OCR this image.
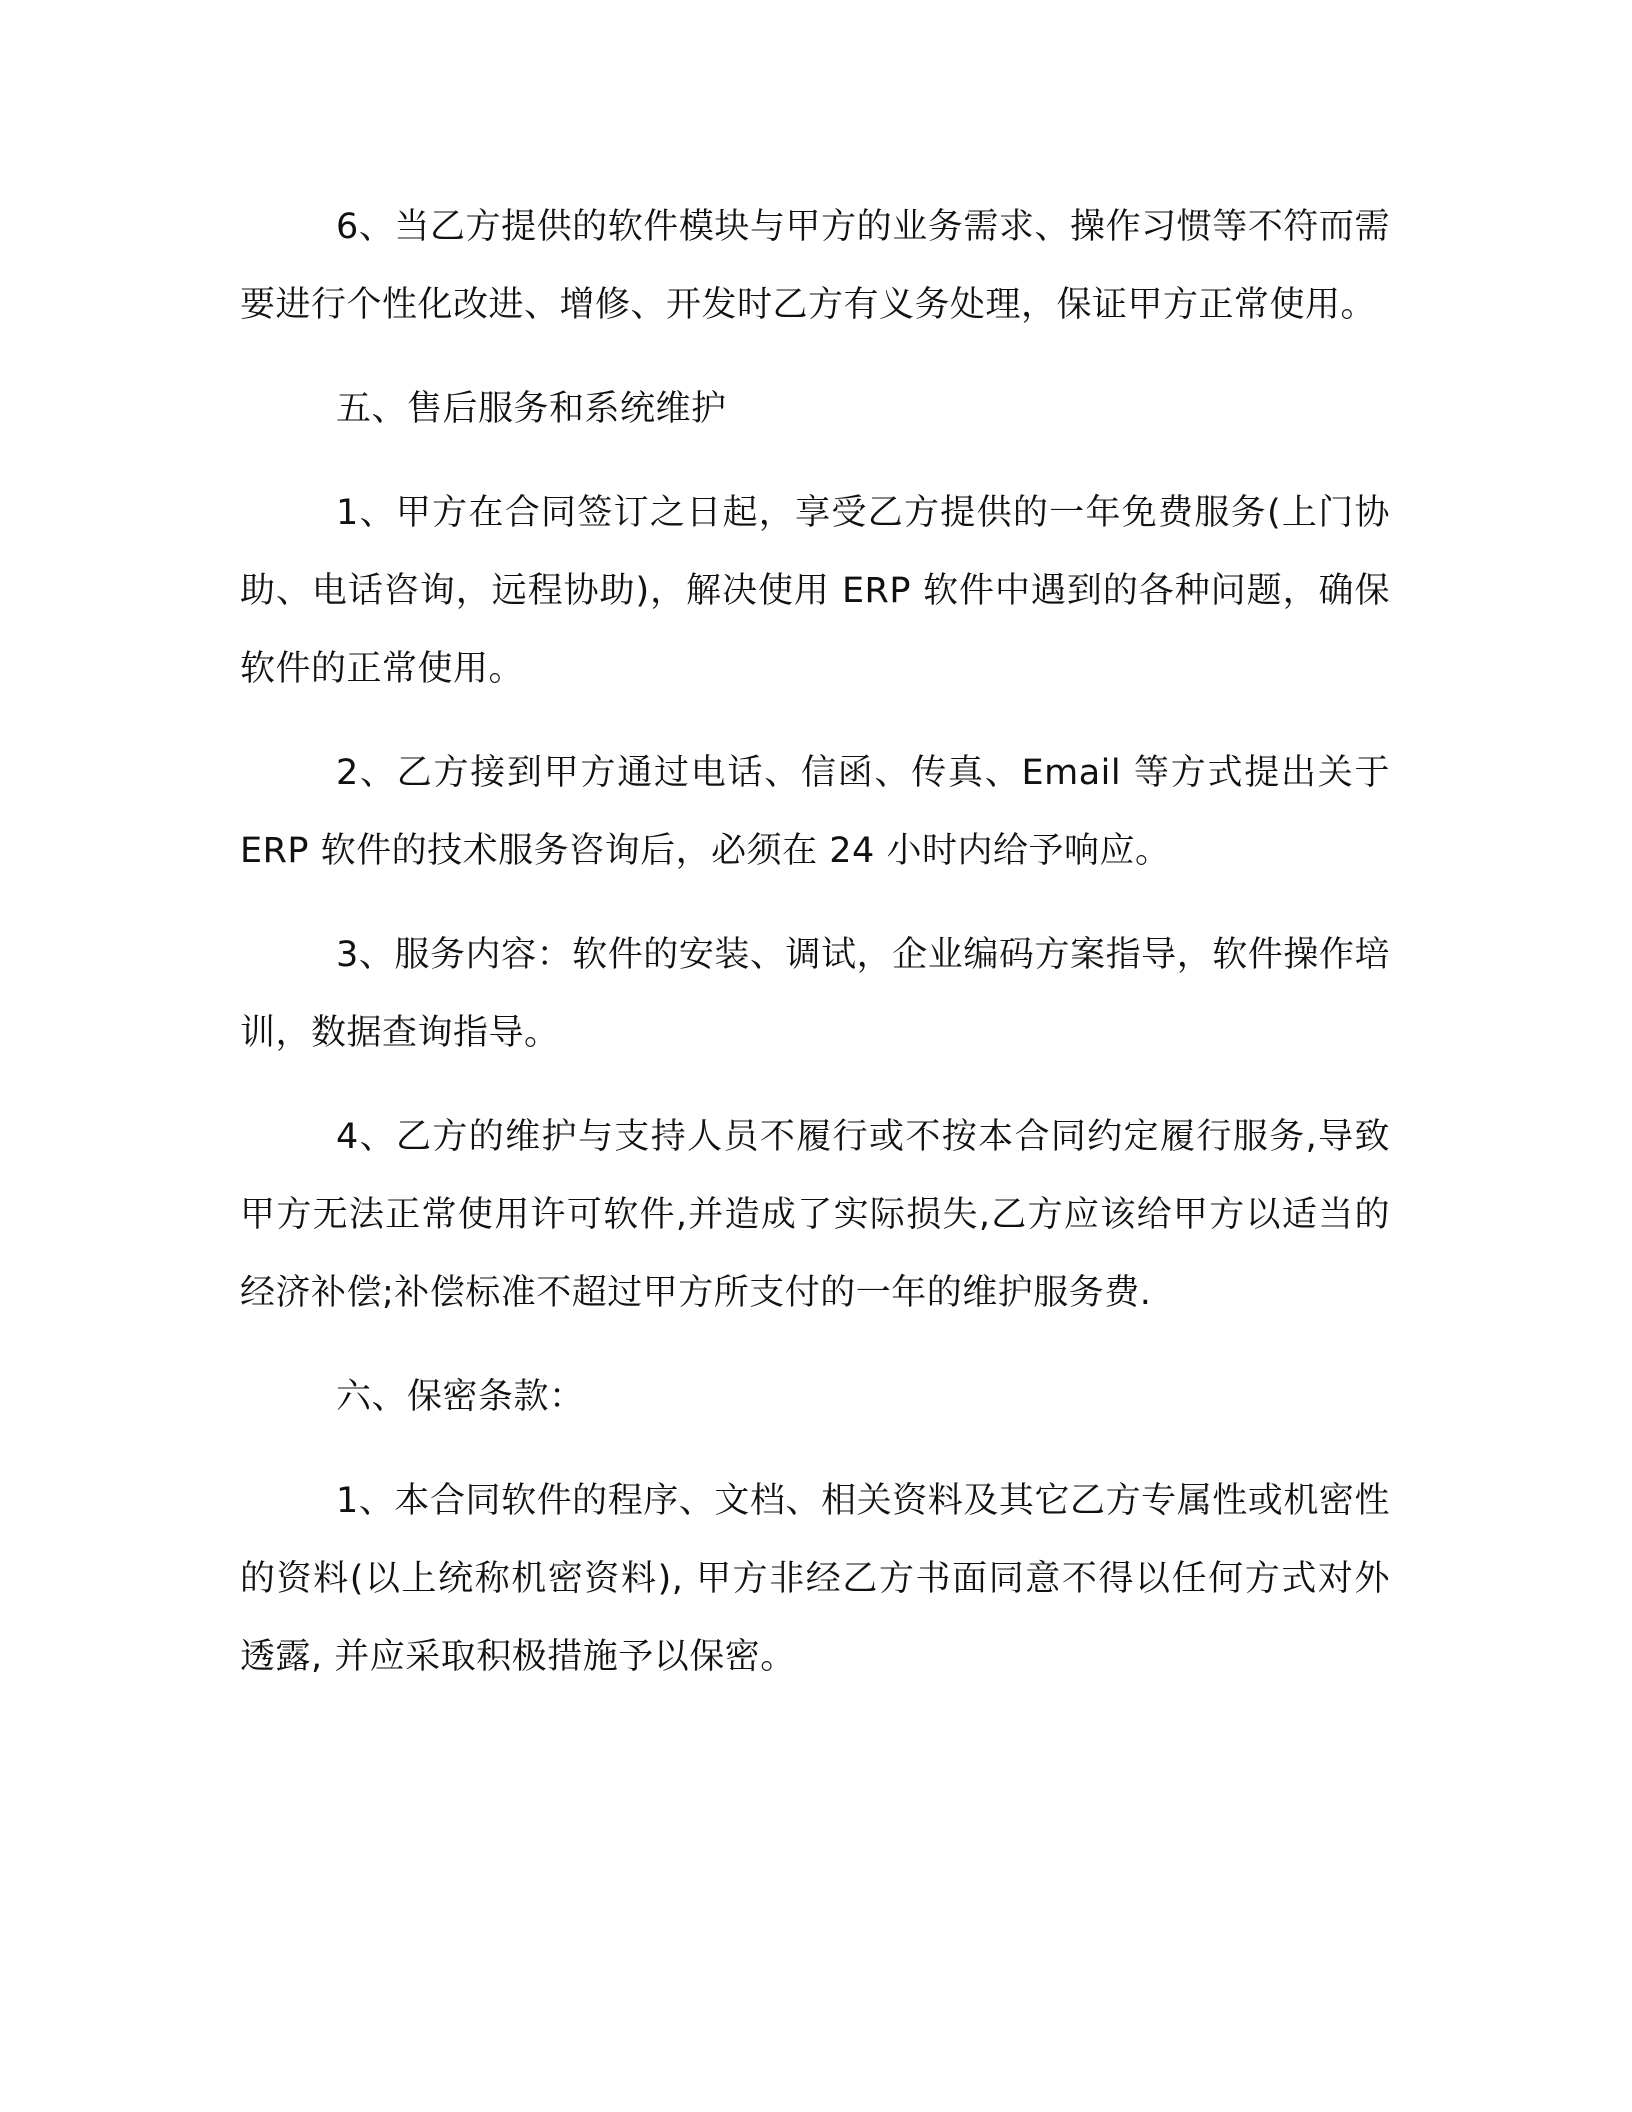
6、当乙方提供的软件模块与甲方的业务需求、操作习惯等不符而需要进行个性化改进、增修、开发时乙方有义务处理，保证甲方正常使用。

五、售后服务和系统维护

1、甲方在合同签订之日起，享受乙方提供的一年免费服务(上门协助、电话咨询，远程协助)，解决使用 ERP 软件中遇到的各种问题，确保软件的正常使用。

2、乙方接到甲方通过电话、信函、传真、Email 等方式提出关于 ERP 软件的技术服务咨询后，必须在 24 小时内给予响应。

3、服务内容：软件的安装、调试，企业编码方案指导，软件操作培训，数据查询指导。

4、乙方的维护与支持人员不履行或不按本合同约定履行服务,导致甲方无法正常使用许可软件,并造成了实际损失,乙方应该给甲方以适当的经济补偿;补偿标准不超过甲方所支付的一年的维护服务费.

六、保密条款：

1、本合同软件的程序、文档、相关资料及其它乙方专属性或机密性的资料(以上统称机密资料), 甲方非经乙方书面同意不得以任何方式对外透露, 并应采取积极措施予以保密。
